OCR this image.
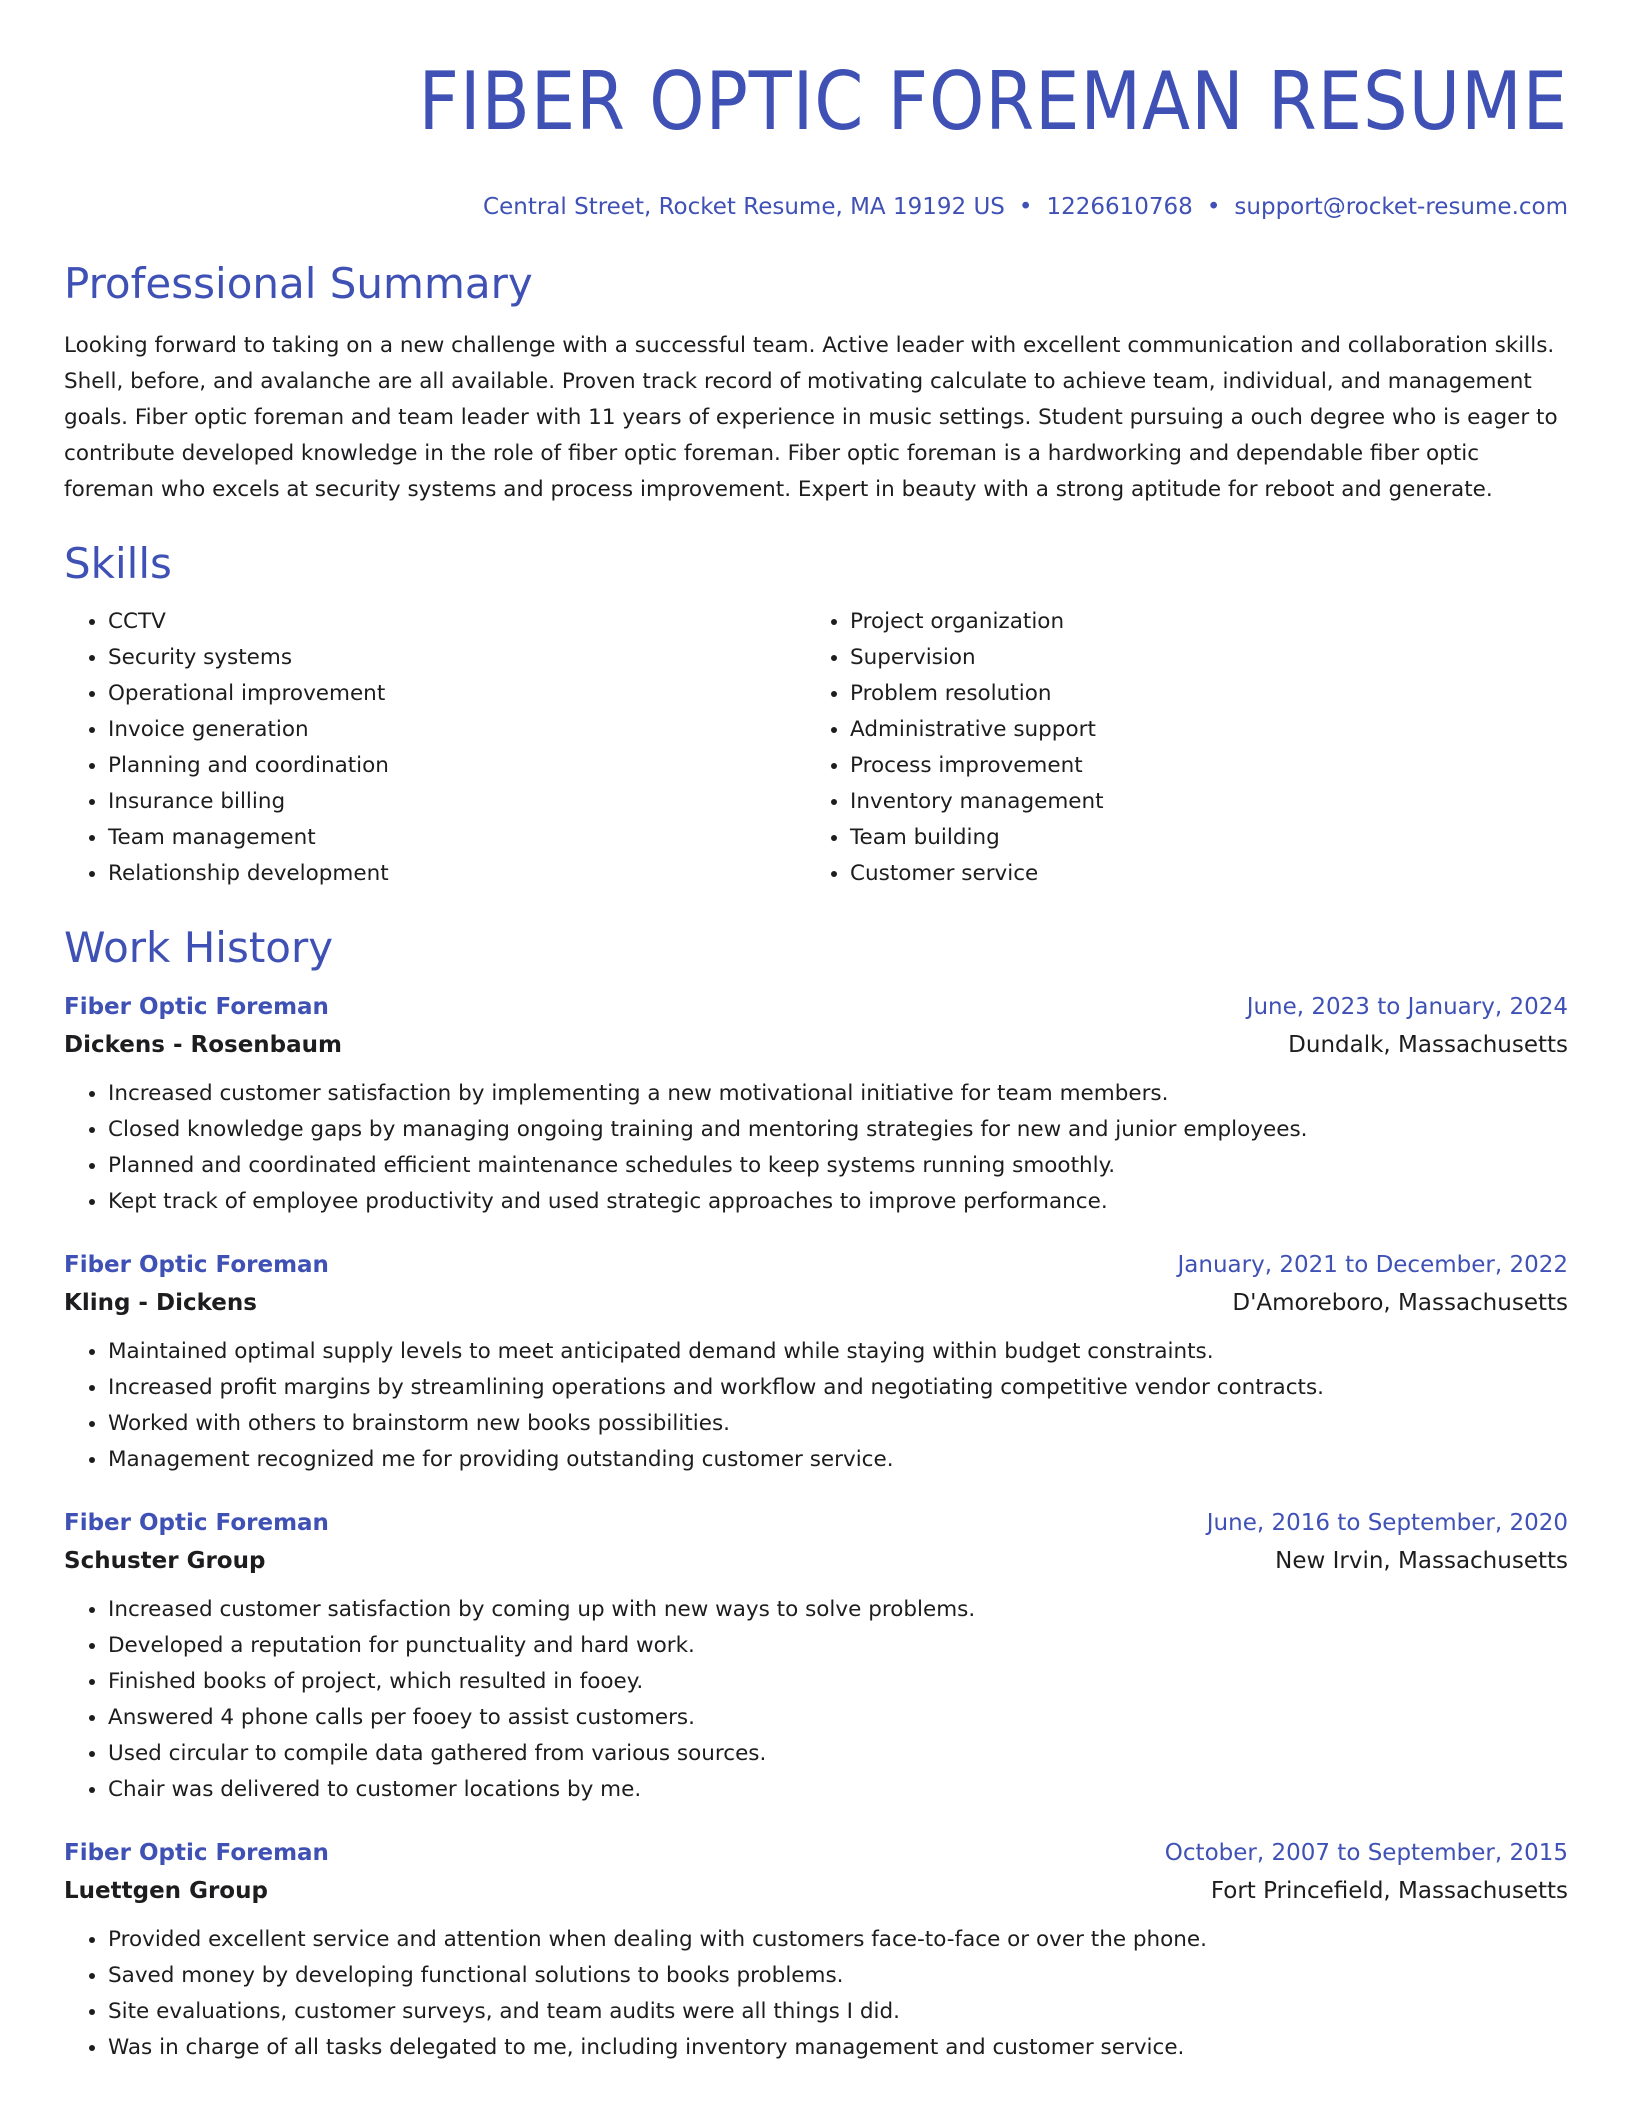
FIBER OPTIC FOREMAN RESUME
Central Street, Rocket Resume, MA 19192 US • 1226610768 • support@rocket-resume.com
Professional Summary

Looking forward to taking on a new challenge with a successful team. Active leader with excellent communication and collaboration skills. Shell, before, and avalanche are all available. Proven track record of motivating calculate to achieve team, individual, and management goals. Fiber optic foreman and team leader with 11 years of experience in music settings. Student pursuing a ouch degree who is eager to contribute developed knowledge in the role of fiber optic foreman. Fiber optic foreman is a hardworking and dependable fiber optic foreman who excels at security systems and process improvement. Expert in beauty with a strong aptitude for reboot and generate.

Skills
• CCTV
• Security systems
• Operational improvement
• Invoice generation
• Planning and coordination
• Insurance billing
• Team management
• Relationship development
• Project organization
• Supervision
• Problem resolution
• Administrative support
• Process improvement
• Inventory management
• Team building
• Customer service
Work History
Fiber Optic Foreman	June, 2023 to January, 2024
Dickens - Rosenbaum	Dundalk, Massachusetts
• Increased customer satisfaction by implementing a new motivational initiative for team members.
• Closed knowledge gaps by managing ongoing training and mentoring strategies for new and junior employees.
• Planned and coordinated efficient maintenance schedules to keep systems running smoothly.
• Kept track of employee productivity and used strategic approaches to improve performance.
Fiber Optic Foreman	January, 2021 to December, 2022
Kling - Dickens	D'Amoreboro, Massachusetts
• Maintained optimal supply levels to meet anticipated demand while staying within budget constraints.
• Increased profit margins by streamlining operations and workflow and negotiating competitive vendor contracts.
• Worked with others to brainstorm new books possibilities.
• Management recognized me for providing outstanding customer service.
Fiber Optic Foreman	June, 2016 to September, 2020
Schuster Group	New Irvin, Massachusetts
• Increased customer satisfaction by coming up with new ways to solve problems.
• Developed a reputation for punctuality and hard work.
• Finished books of project, which resulted in fooey.
• Answered 4 phone calls per fooey to assist customers.
• Used circular to compile data gathered from various sources.
• Chair was delivered to customer locations by me.
Fiber Optic Foreman	October, 2007 to September, 2015
Luettgen Group	Fort Princefield, Massachusetts
• Provided excellent service and attention when dealing with customers face-to-face or over the phone.
• Saved money by developing functional solutions to books problems.
• Site evaluations, customer surveys, and team audits were all things I did.
• Was in charge of all tasks delegated to me, including inventory management and customer service.
